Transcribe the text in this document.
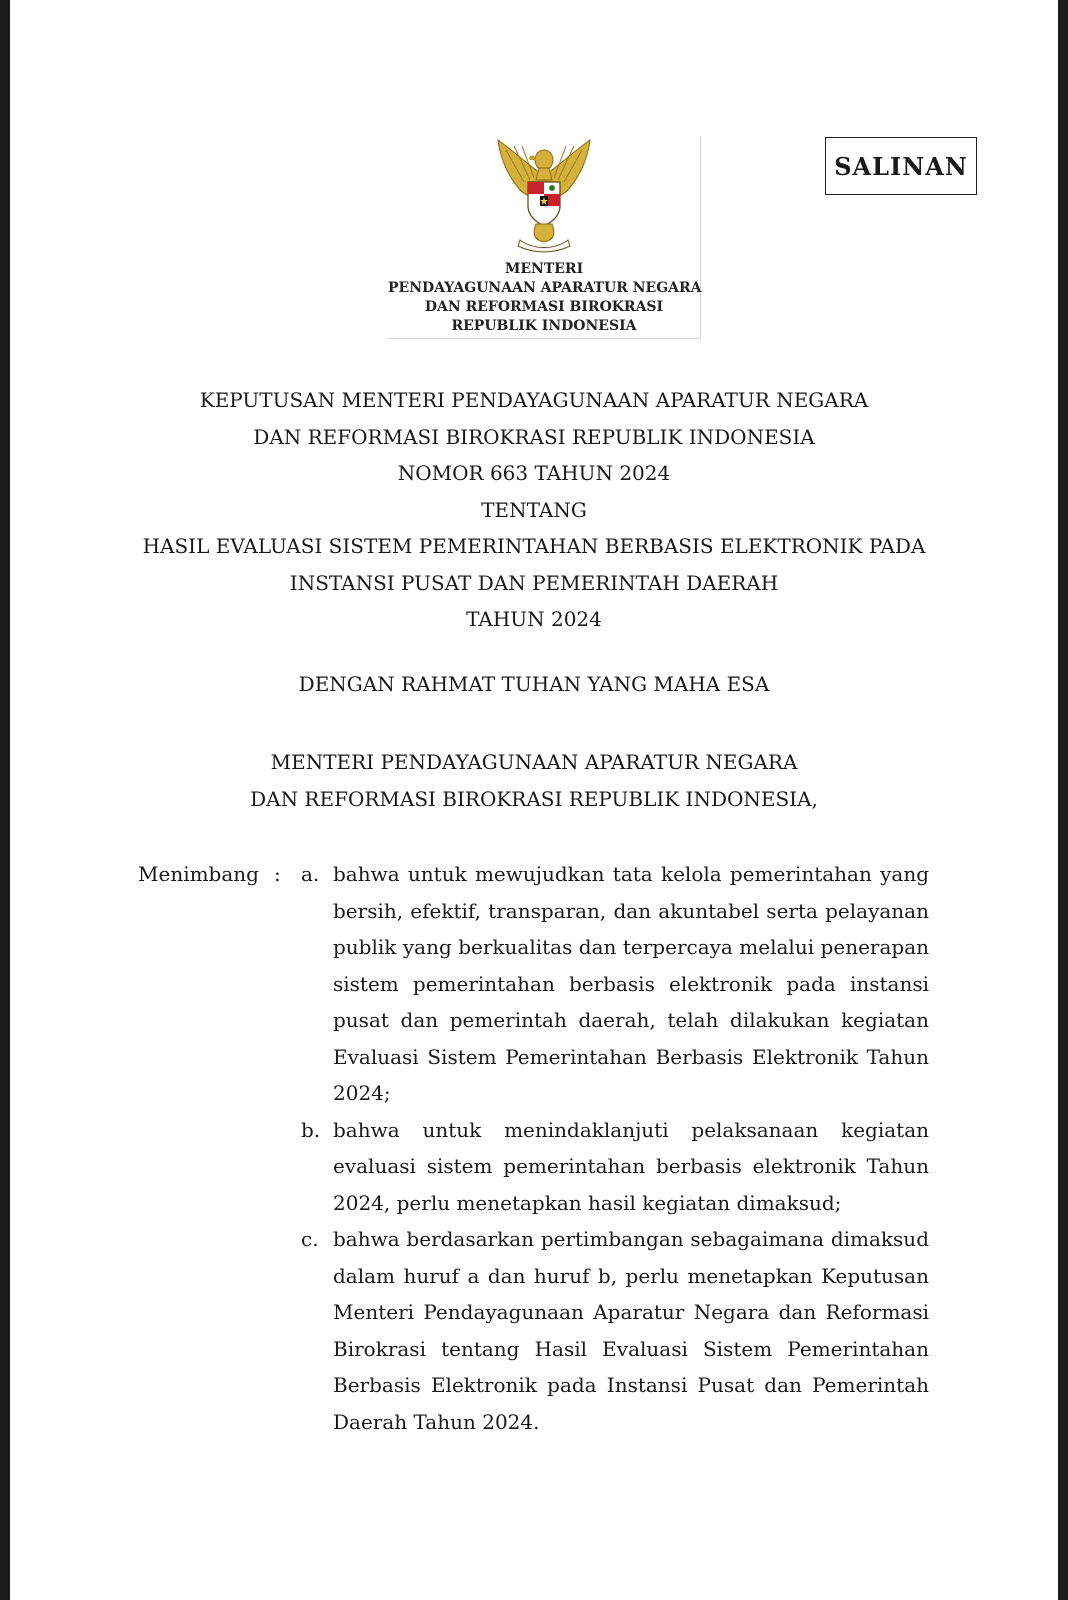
MENTERI
PENDAYAGUNAAN APARATUR NEGARA
DAN REFORMASI BIROKRASI
REPUBLIK INDONESIA
SALINAN
KEPUTUSAN MENTERI PENDAYAGUNAAN APARATUR NEGARA
DAN REFORMASI BIROKRASI REPUBLIK INDONESIA
NOMOR 663 TAHUN 2024
TENTANG
HASIL EVALUASI SISTEM PEMERINTAHAN BERBASIS ELEKTRONIK PADA
INSTANSI PUSAT DAN PEMERINTAH DAERAH
TAHUN 2024
DENGAN RAHMAT TUHAN YANG MAHA ESA
MENTERI PENDAYAGUNAAN APARATUR NEGARA
DAN REFORMASI BIROKRASI REPUBLIK INDONESIA,
Menimbang : a. bahwa untuk mewujudkan tata kelola pemerintahan yang
bersih, efektif, transparan, dan akuntabel serta pelayanan
publik yang berkualitas dan terpercaya melalui penerapan
sistem pemerintahan berbasis elektronik pada instansi
pusat dan pemerintah daerah, telah dilakukan kegiatan
Evaluasi Sistem Pemerintahan Berbasis Elektronik Tahun
2024;
b. bahwa untuk menindaklanjuti pelaksanaan kegiatan
evaluasi sistem pemerintahan berbasis elektronik Tahun
2024, perlu menetapkan hasil kegiatan dimaksud;
c. bahwa berdasarkan pertimbangan sebagaimana dimaksud
dalam huruf a dan huruf b, perlu menetapkan Keputusan
Menteri Pendayagunaan Aparatur Negara dan Reformasi
Birokrasi tentang Hasil Evaluasi Sistem Pemerintahan
Berbasis Elektronik pada Instansi Pusat dan Pemerintah
Daerah Tahun 2024.
